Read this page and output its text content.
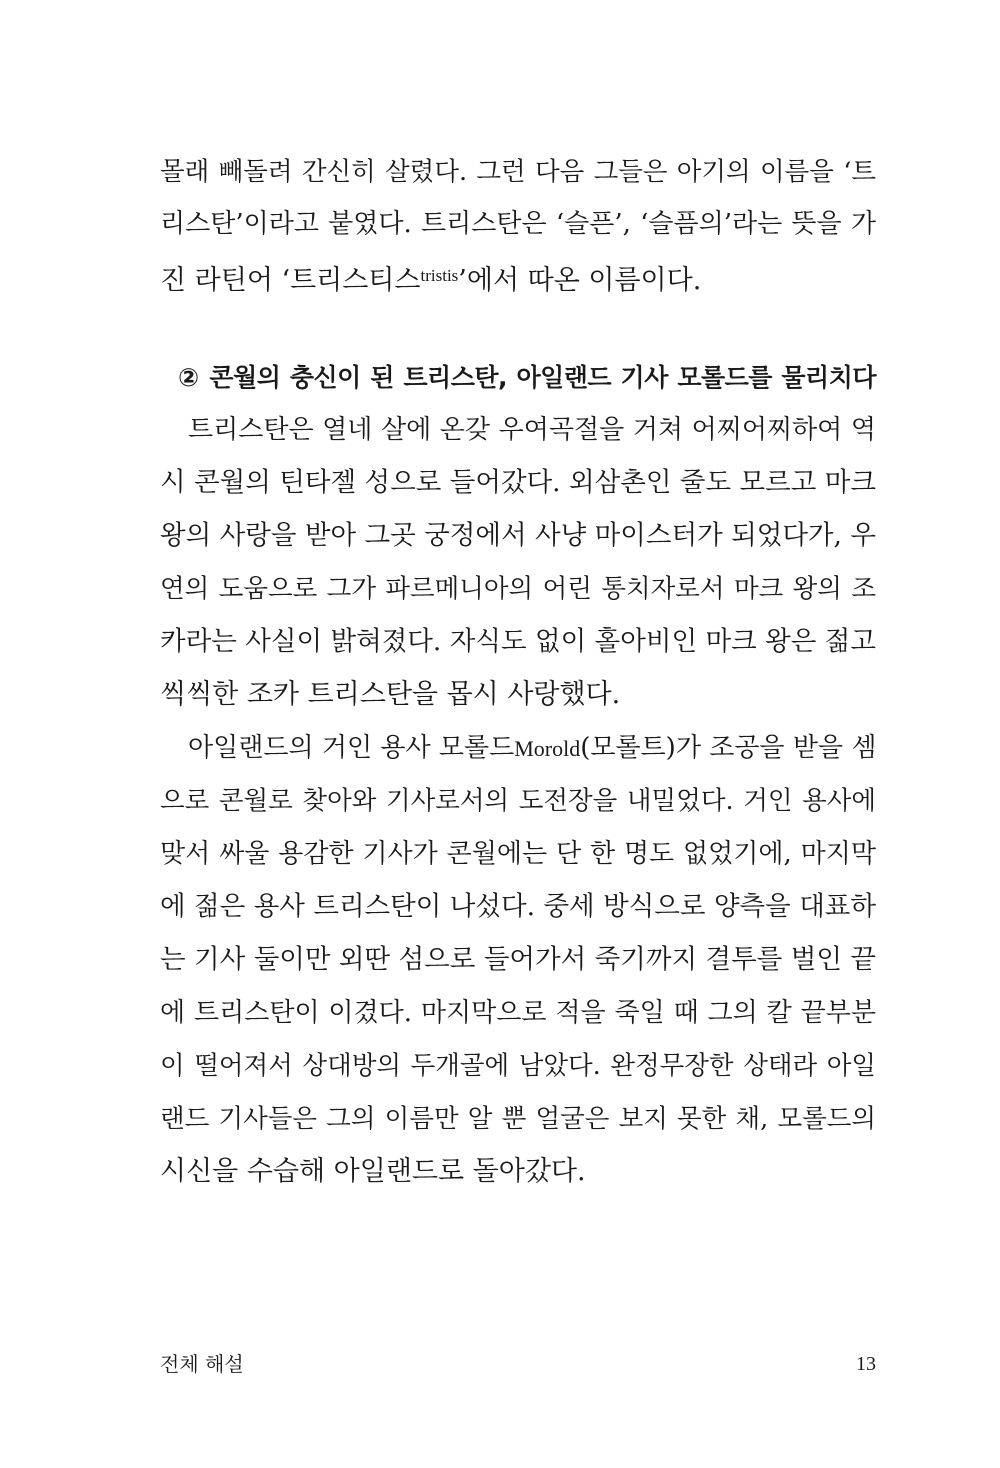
몰래 빼돌려 간신히 살렸다. 그런 다음 그들은 아기의 이름을 ‘트
리스탄’이라고 붙였다. 트리스탄은 ‘슬픈’, ‘슬픔의’라는 뜻을 가
진 라틴어 ‘트리스티스$^{tristis}$’에서 따온 이름이다.
② 콘월의 충신이 된 트리스탄, 아일랜드 기사 모롤드를 물리치다
트리스탄은 열네 살에 온갖 우여곡절을 거쳐 어찌어찌하여 역
시 콘월의 틴타젤 성으로 들어갔다. 외삼촌인 줄도 모르고 마크
왕의 사랑을 받아 그곳 궁정에서 사냥 마이스터가 되었다가, 우
연의 도움으로 그가 파르메니아의 어린 통치자로서 마크 왕의 조
카라는 사실이 밝혀졌다. 자식도 없이 홀아비인 마크 왕은 젊고
씩씩한 조카 트리스탄을 몹시 사랑했다.
아일랜드의 거인 용사 모롤드Morold(모롤트)가 조공을 받을 셈
으로 콘월로 찾아와 기사로서의 도전장을 내밀었다. 거인 용사에
맞서 싸울 용감한 기사가 콘월에는 단 한 명도 없었기에, 마지막
에 젊은 용사 트리스탄이 나섰다. 중세 방식으로 양측을 대표하
는 기사 둘이만 외딴 섬으로 들어가서 죽기까지 결투를 벌인 끝
에 트리스탄이 이겼다. 마지막으로 적을 죽일 때 그의 칼 끝부분
이 떨어져서 상대방의 두개골에 남았다. 완정무장한 상태라 아일
랜드 기사들은 그의 이름만 알 뿐 얼굴은 보지 못한 채, 모롤드의
시신을 수습해 아일랜드로 돌아갔다.
전체 해설	13
